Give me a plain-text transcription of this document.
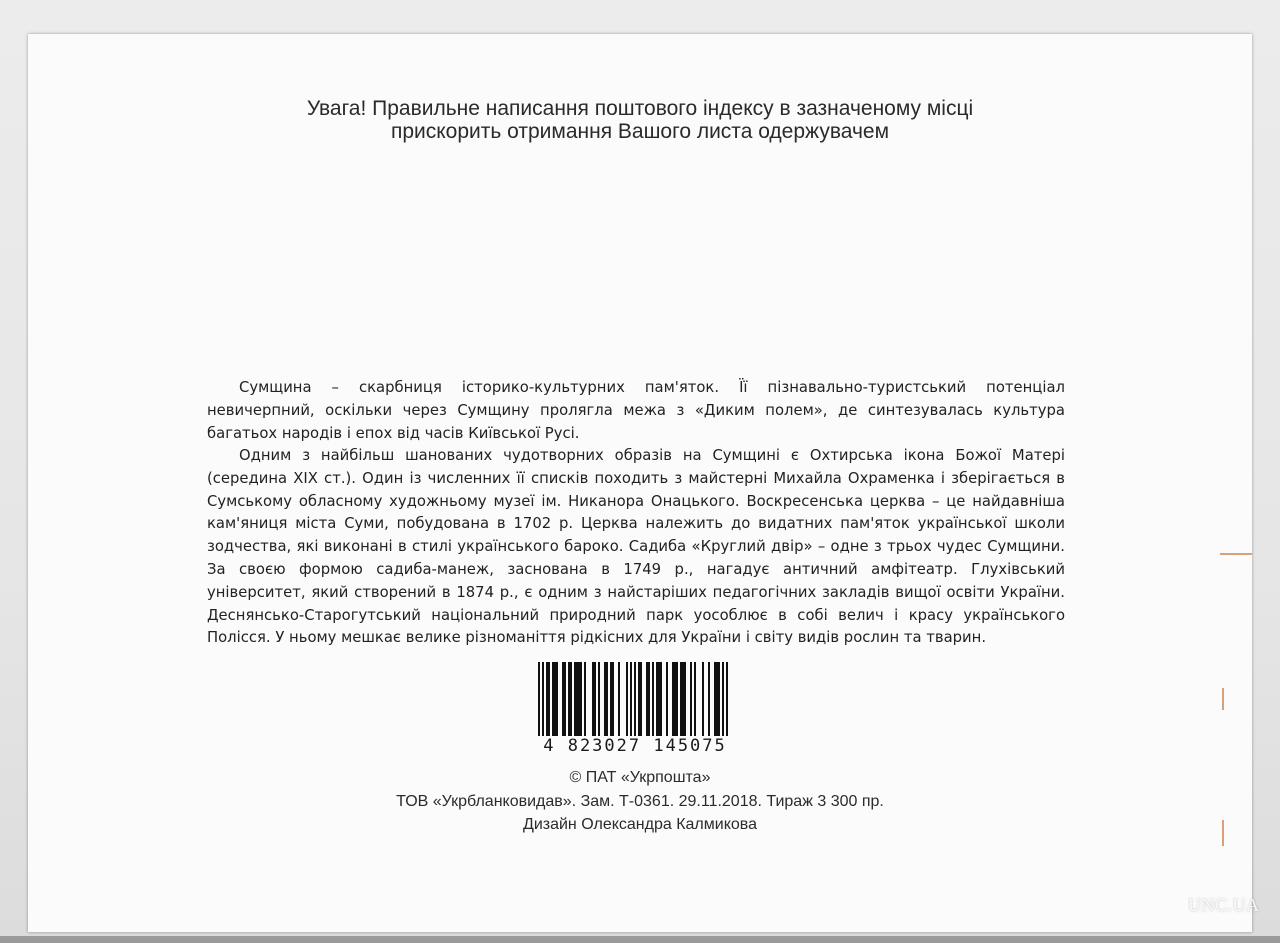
Увага! Правильне написання поштового індексу в зазначеному місці
прискорить отримання Вашого листа одержувачем

Сумщина – скарбниця історико-культурних пам'яток. Її пізнавально-туристський потенціал невичерпний, оскільки через Сумщину пролягла межа з «Диким полем», де синтезувалась культура багатьох народів і епох від часів Київської Русі.

Одним з найбільш шанованих чудотворних образів на Сумщині є Охтирська ікона Божої Матері (середина XIX ст.). Один із численних її списків походить з майстерні Михайла Охраменка і зберігається в Сумському обласному художньому музеї ім. Никанора Онацького. Воскресенська церква – це найдавніша кам'яниця міста Суми, побудована в 1702 р. Церква належить до видатних пам'яток української школи зодчества, які виконані в стилі українського бароко. Садиба «Круглий двір» – одне з трьох чудес Сумщини. За своєю формою садиба-манеж, заснована в 1749 р., нагадує античний амфітеатр. Глухівський університет, який створений в 1874 р., є одним з найстаріших педагогічних закладів вищої освіти України. Деснянсько-Старогутський національний природний парк уособлює в собі велич і красу українського Полісся. У ньому мешкає велике різноманіття рідкісних для України і світу видів рослин та тварин.

4 823027 145075
© ПАТ «Укрпошта»
ТОВ «Укрбланковидав». Зам. Т-0361. 29.11.2018. Тираж 3 300 пр.
Дизайн Олександра Калмикова
UNC.UA
